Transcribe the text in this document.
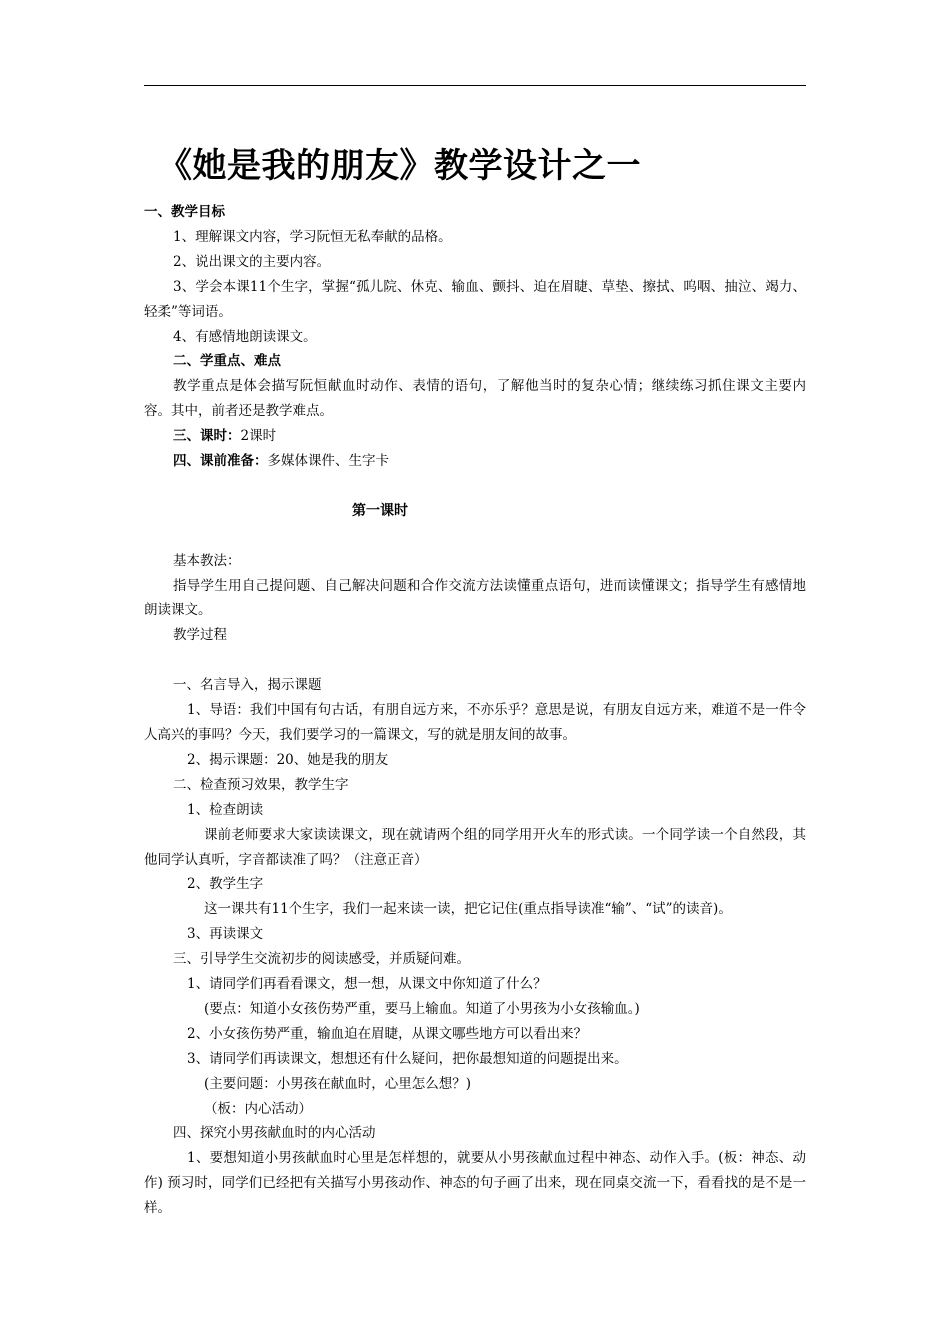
《她是我的朋友》教学设计之一

一、教学目标

1、理解课文内容，学习阮恒无私奉献的品格。

2、说出课文的主要内容。

3、学会本课11个生字，掌握“孤儿院、休克、输血、颤抖、迫在眉睫、草垫、擦拭、呜咽、抽泣、竭力、轻柔”等词语。

4、有感情地朗读课文。

二、学重点、难点

教学重点是体会描写阮恒献血时动作、表情的语句，了解他当时的复杂心情；继续练习抓住课文主要内容。其中，前者还是教学难点。

三、课时：2课时

四、课前准备：多媒体课件、生字卡

第一课时

基本教法：

指导学生用自己提问题、自己解决问题和合作交流方法读懂重点语句，进而读懂课文；指导学生有感情地朗读课文。

教学过程

一、名言导入，揭示课题

1、导语：我们中国有句古话，有朋自远方来，不亦乐乎？意思是说，有朋友自远方来，难道不是一件令人高兴的事吗？今天，我们要学习的一篇课文，写的就是朋友间的故事。

2、揭示课题：20、她是我的朋友

二、检查预习效果，教学生字

1、检查朗读

课前老师要求大家读读课文，现在就请两个组的同学用开火车的形式读。一个同学读一个自然段，其他同学认真听，字音都读准了吗？（注意正音）

2、教学生字

这一课共有11个生字，我们一起来读一读，把它记住(重点指导读准“输”、“试”的读音)。

3、再读课文

三、引导学生交流初步的阅读感受，并质疑问难。

1、请同学们再看看课文，想一想，从课文中你知道了什么？

(要点：知道小女孩伤势严重，要马上输血。知道了小男孩为小女孩输血。)

2、小女孩伤势严重，输血迫在眉睫，从课文哪些地方可以看出来？

3、请同学们再读课文，想想还有什么疑问，把你最想知道的问题提出来。

(主要问题：小男孩在献血时，心里怎么想？)

（板：内心活动）

四、探究小男孩献血时的内心活动

1、要想知道小男孩献血时心里是怎样想的，就要从小男孩献血过程中神态、动作入手。(板：神态、动作) 预习时，同学们已经把有关描写小男孩动作、神态的句子画了出来，现在同桌交流一下，看看找的是不是一样。
